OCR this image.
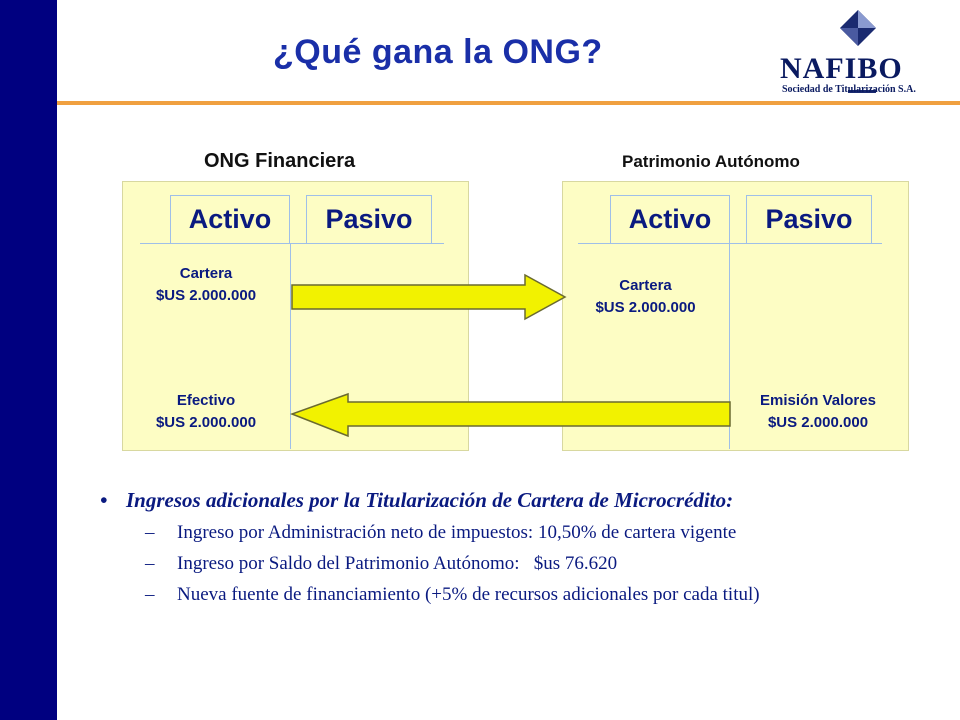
¿Qué gana la ONG?	NAFIBO
Sociedad de Titularización S.A.
ONG Financiera
Activo	Pasivo
Cartera
$US 2.000.000
Efectivo
$US 2.000.000
Patrimonio Autónomo
Activo	Pasivo
Cartera
$US 2.000.000
Emisión Valores
$US 2.000.000
• Ingresos adicionales por la Titularización de Cartera de Microcrédito:
–	Ingreso por Administración neto de impuestos: 10,50% de cartera vigente
–	Ingreso por Saldo del Patrimonio Autónomo:   $us 76.620
–	Nueva fuente de financiamiento (+5% de recursos adicionales por cada titul)
